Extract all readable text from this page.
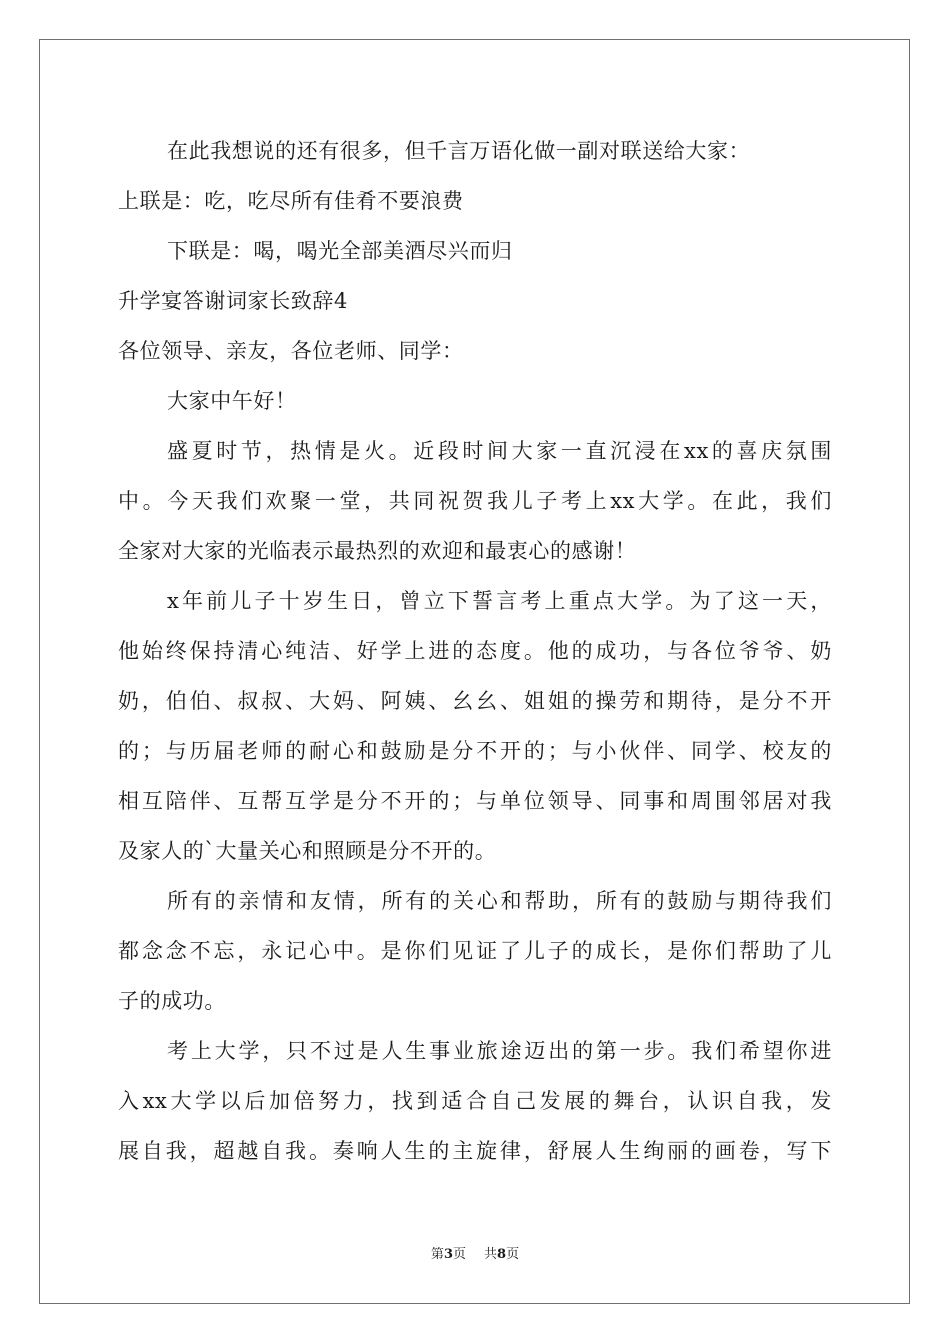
在此我想说的还有很多，但千言万语化做一副对联送给大家：
上联是：吃，吃尽所有佳肴不要浪费
下联是：喝，喝光全部美酒尽兴而归
升学宴答谢词家长致辞4
各位领导、亲友，各位老师、同学：
大家中午好！
盛夏时节，热情是火。近段时间大家一直沉浸在xx的喜庆氛围
中。今天我们欢聚一堂，共同祝贺我儿子考上xx大学。在此，我们
全家对大家的光临表示最热烈的欢迎和最衷心的感谢！
x年前儿子十岁生日，曾立下誓言考上重点大学。为了这一天，
他始终保持清心纯洁、好学上进的态度。他的成功，与各位爷爷、奶
奶，伯伯、叔叔、大妈、阿姨、幺幺、姐姐的操劳和期待，是分不开
的；与历届老师的耐心和鼓励是分不开的；与小伙伴、同学、校友的
相互陪伴、互帮互学是分不开的；与单位领导、同事和周围邻居对我
及家人的`大量关心和照顾是分不开的。
所有的亲情和友情，所有的关心和帮助，所有的鼓励与期待我们
都念念不忘，永记心中。是你们见证了儿子的成长，是你们帮助了儿
子的成功。
考上大学，只不过是人生事业旅途迈出的第一步。我们希望你进
入xx大学以后加倍努力，找到适合自己发展的舞台，认识自我，发
展自我，超越自我。奏响人生的主旋律，舒展人生绚丽的画卷，写下
第3页 共8页
